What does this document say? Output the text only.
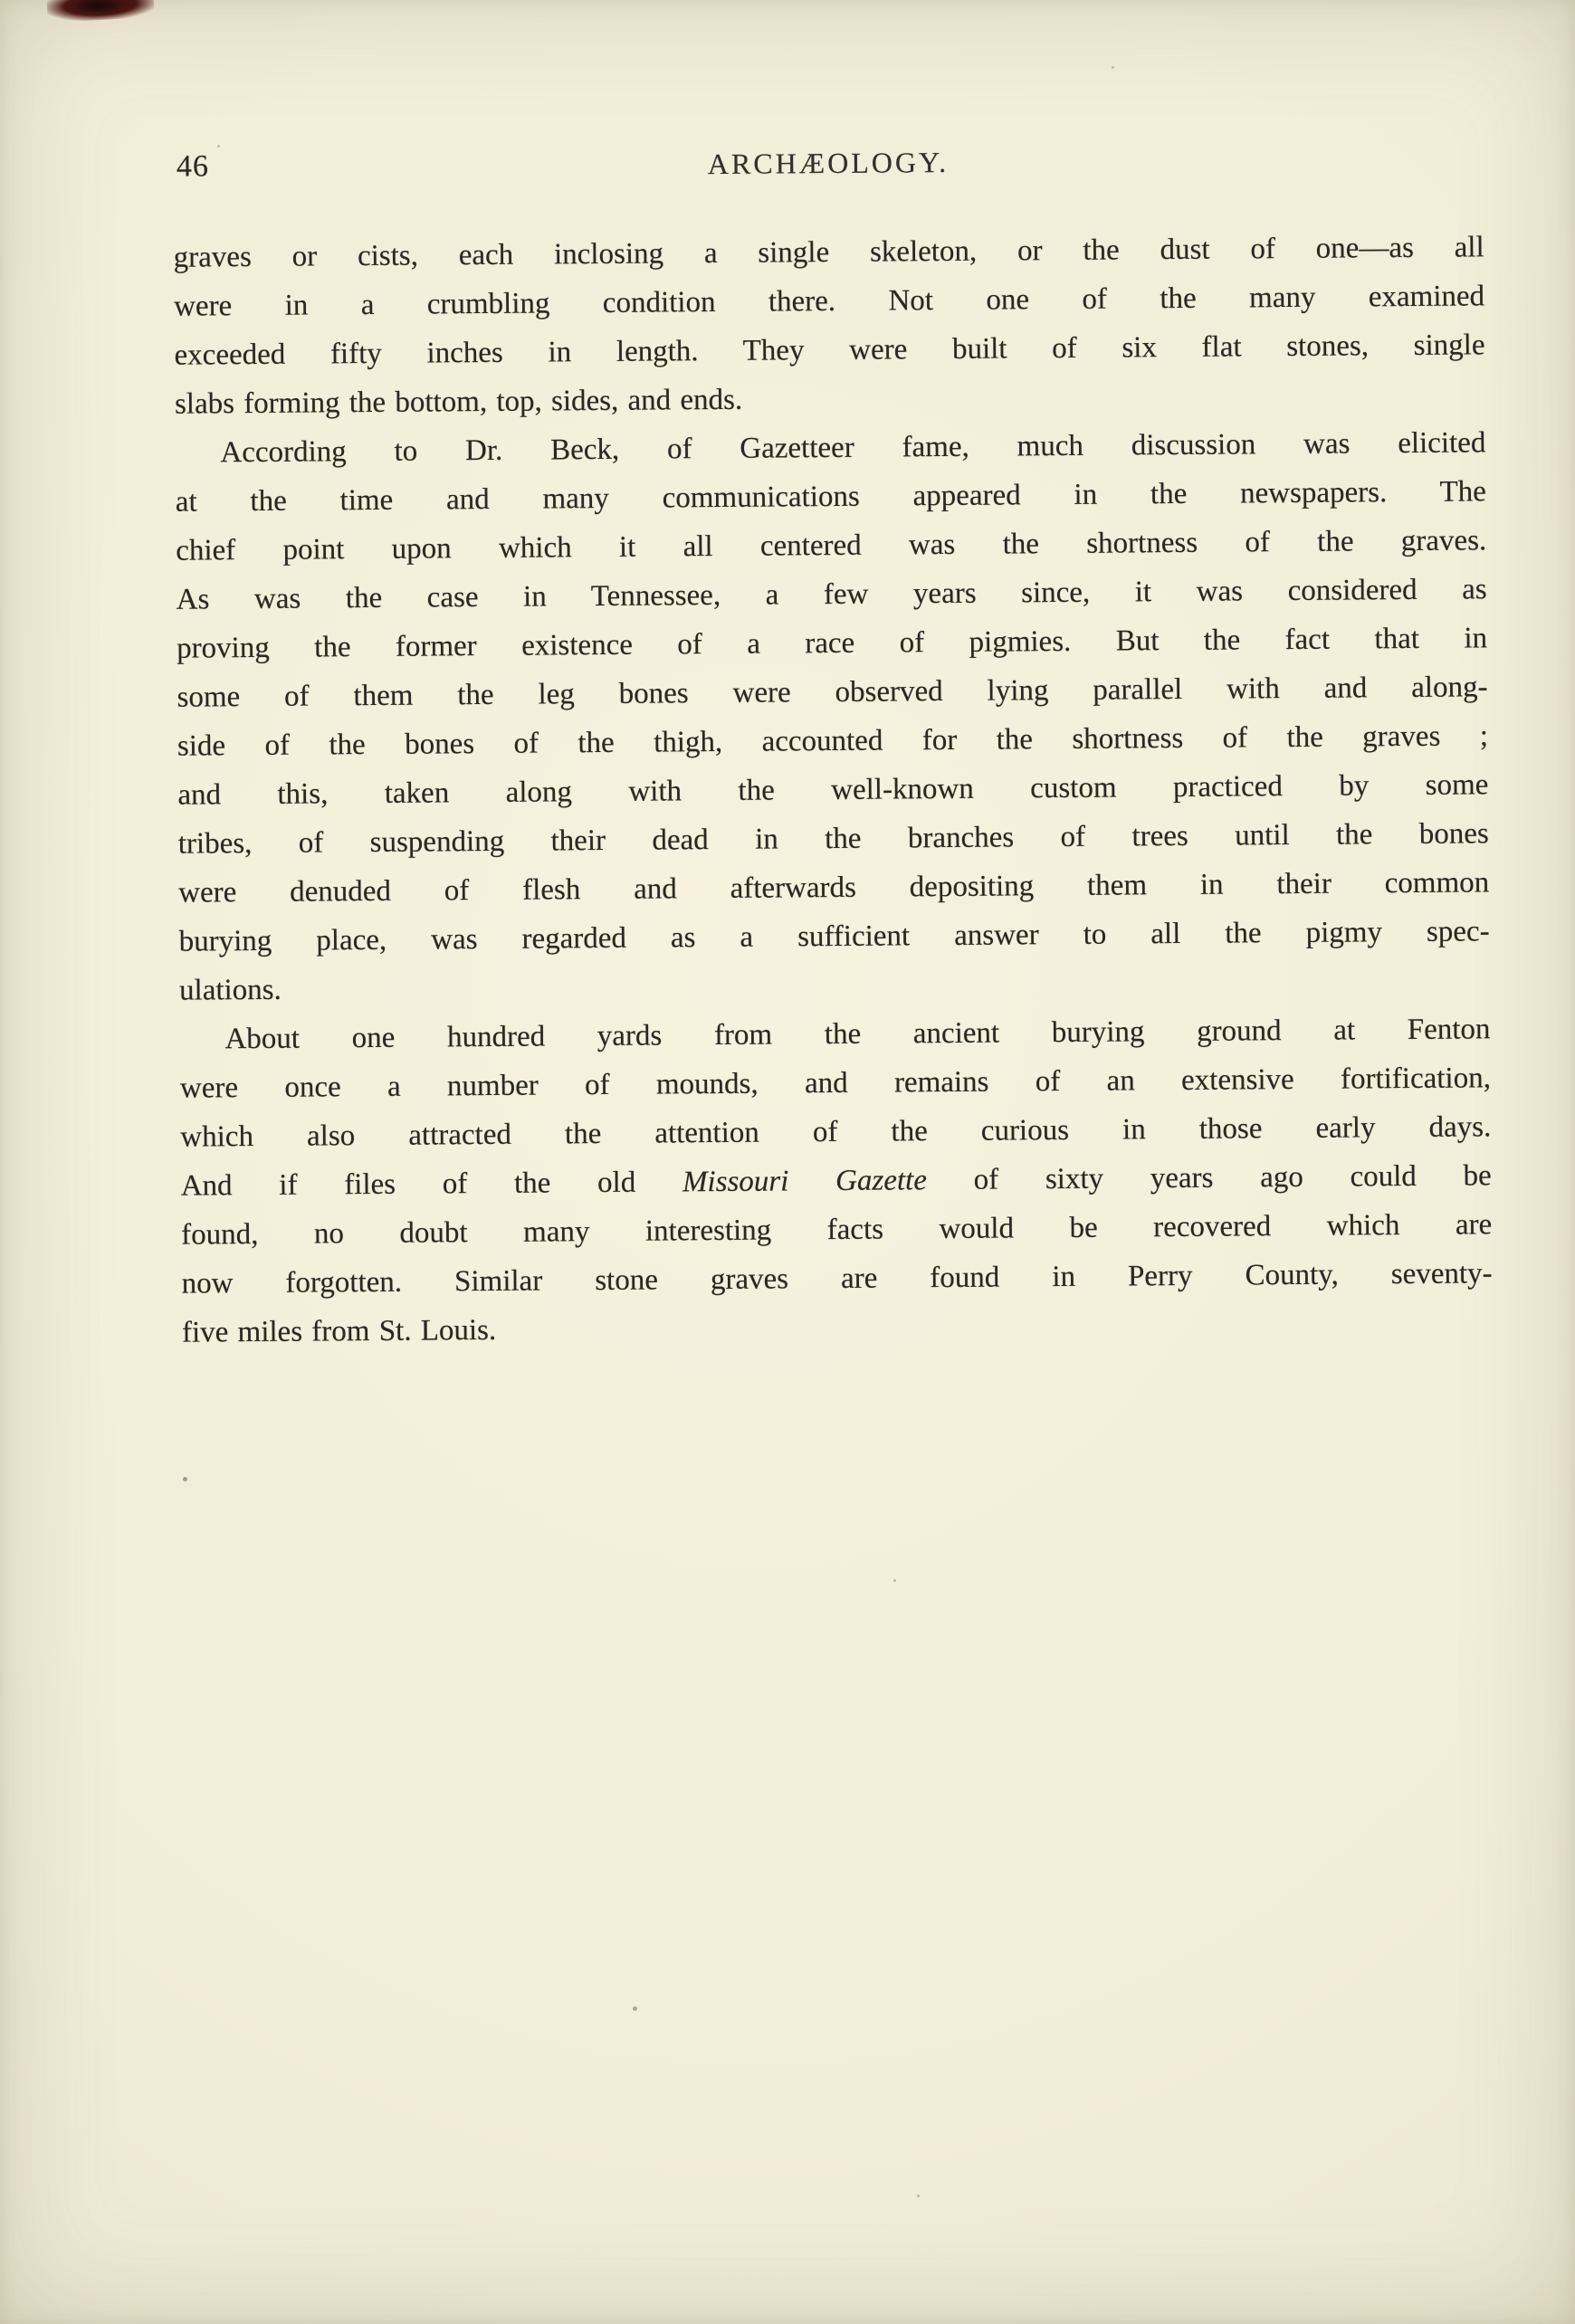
46	ARCHÆOLOGY.
graves or cists, each inclosing a single skeleton, or the dust of one—as all
were in a crumbling condition there. Not one of the many examined
exceeded fifty inches in length. They were built of six flat stones, single
slabs forming the bottom, top, sides, and ends.
According to Dr. Beck, of Gazetteer fame, much discussion was elicited
at the time and many communications appeared in the newspapers. The
chief point upon which it all centered was the shortness of the graves.
As was the case in Tennessee, a few years since, it was considered as
proving the former existence of a race of pigmies. But the fact that in
some of them the leg bones were observed lying parallel with and along-
side of the bones of the thigh, accounted for the shortness of the graves ;
and this, taken along with the well-known custom practiced by some
tribes, of suspending their dead in the branches of trees until the bones
were denuded of flesh and afterwards depositing them in their common
burying place, was regarded as a sufficient answer to all the pigmy spec-
ulations.
About one hundred yards from the ancient burying ground at Fenton
were once a number of mounds, and remains of an extensive fortification,
which also attracted the attention of the curious in those early days.
And if files of the old Missouri Gazette of sixty years ago could be
found, no doubt many interesting facts would be recovered which are
now forgotten. Similar stone graves are found in Perry County, seventy-
five miles from St. Louis.
